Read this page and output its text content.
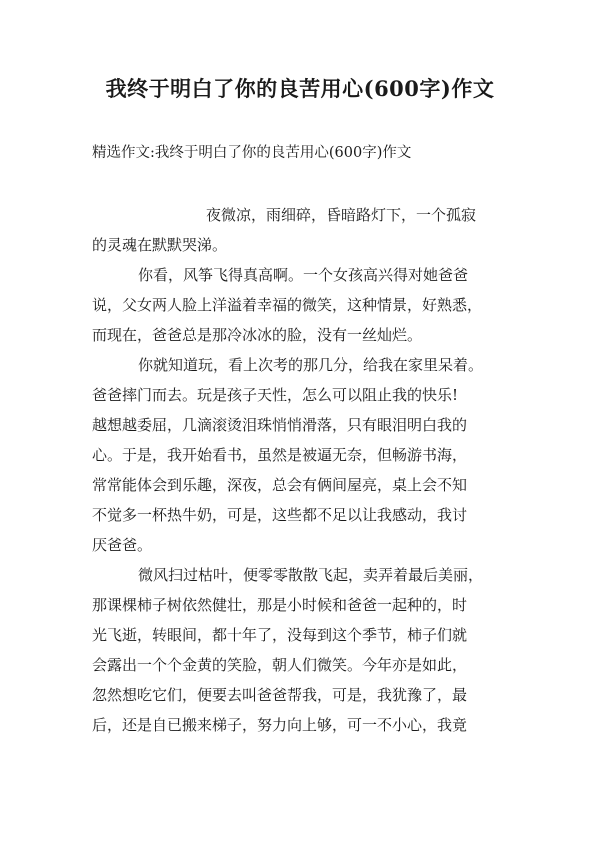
我终于明白了你的良苦用心(600字)作文
精选作文:我终于明白了你的良苦用心(600字)作文
夜微凉，雨细碎，昏暗路灯下，一个孤寂
的灵魂在默默哭涕。
你看，风筝飞得真高啊。一个女孩高兴得对她爸爸
说，父女两人脸上洋溢着幸福的微笑，这种情景，好熟悉，
而现在，爸爸总是那冷冰冰的脸，没有一丝灿烂。
你就知道玩，看上次考的那几分，给我在家里呆着。
爸爸摔门而去。玩是孩子天性，怎么可以阻止我的快乐!
越想越委屈，几滴滚烫泪珠悄悄滑落，只有眼泪明白我的
心。于是，我开始看书，虽然是被逼无奈，但畅游书海，
常常能体会到乐趣，深夜，总会有俩间屋亮，桌上会不知
不觉多一杯热牛奶，可是，这些都不足以让我感动，我讨
厌爸爸。
微风扫过枯叶，便零零散散飞起，卖弄着最后美丽，
那课棵柿子树依然健壮，那是小时候和爸爸一起种的，时
光飞逝，转眼间，都十年了，没每到这个季节，柿子们就
会露出一个个金黄的笑脸，朝人们微笑。今年亦是如此，
忽然想吃它们，便要去叫爸爸帮我，可是，我犹豫了，最
后，还是自已搬来梯子，努力向上够，可一不小心，我竟
